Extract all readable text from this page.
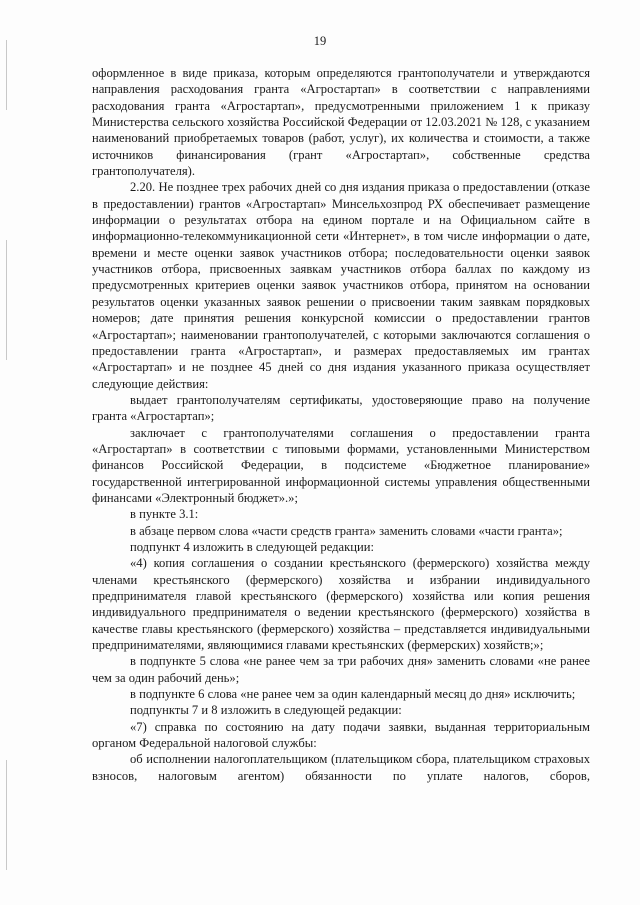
19

оформленное в виде приказа, которым определяются грантополучатели и утверждаются направления расходования гранта «Агростартап» в соответствии с направлениями расходования гранта «Агростартап», предусмотренными приложением 1 к приказу Министерства сельского хозяйства Российской Федерации от 12.03.2021 № 128, с указанием наименований приобретаемых товаров (работ, услуг), их количества и стоимости, а также источников финансирования (грант «Агростартап», собственные средства грантополучателя).

2.20. Не позднее трех рабочих дней со дня издания приказа о предоставлении (отказе в предоставлении) грантов «Агростартап» Минсельхозпрод РХ обеспечивает размещение информации о результатах отбора на едином портале и на Официальном сайте в информационно-телекоммуникационной сети «Интернет», в том числе информации о дате, времени и месте оценки заявок участников отбора; последовательности оценки заявок участников отбора, присвоенных заявкам участников отбора баллах по каждому из предусмотренных критериев оценки заявок участников отбора, принятом на основании результатов оценки указанных заявок решении о присвоении таким заявкам порядковых номеров; дате принятия решения конкурсной комиссии о предоставлении грантов «Агростартап»; наименовании грантополучателей, с которыми заключаются соглашения о предоставлении гранта «Агростартап», и размерах предоставляемых им грантах «Агростартап» и не позднее 45 дней со дня издания указанного приказа осуществляет следующие действия:

выдает грантополучателям сертификаты, удостоверяющие право на получение гранта «Агростартап»;

заключает с грантополучателями соглашения о предоставлении гранта «Агростартап» в соответствии с типовыми формами, установленными Министерством финансов Российской Федерации, в подсистеме «Бюджетное планирование» государственной интегрированной информационной системы управления общественными финансами «Электронный бюджет».»;

в пункте 3.1:

в абзаце первом слова «части средств гранта» заменить словами «части гранта»;

подпункт 4 изложить в следующей редакции:

«4) копия соглашения о создании крестьянского (фермерского) хозяйства между членами крестьянского (фермерского) хозяйства и избрании индивидуального предпринимателя главой крестьянского (фермерского) хозяйства или копия решения индивидуального предпринимателя о ведении крестьянского (фермерского) хозяйства в качестве главы крестьянского (фермерского) хозяйства – представляется индивидуальными предпринимателями, являющимися главами крестьянских (фермерских) хозяйств;»;

в подпункте 5 слова «не ранее чем за три рабочих дня» заменить словами «не ранее чем за один рабочий день»;

в подпункте 6 слова «не ранее чем за один календарный месяц до дня» исключить;

подпункты 7 и 8 изложить в следующей редакции:

«7) справка по состоянию на дату подачи заявки, выданная территориальным органом Федеральной налоговой службы:

об исполнении налогоплательщиком (плательщиком сбора, плательщиком страховых взносов, налоговым агентом) обязанности по уплате налогов, сборов,
